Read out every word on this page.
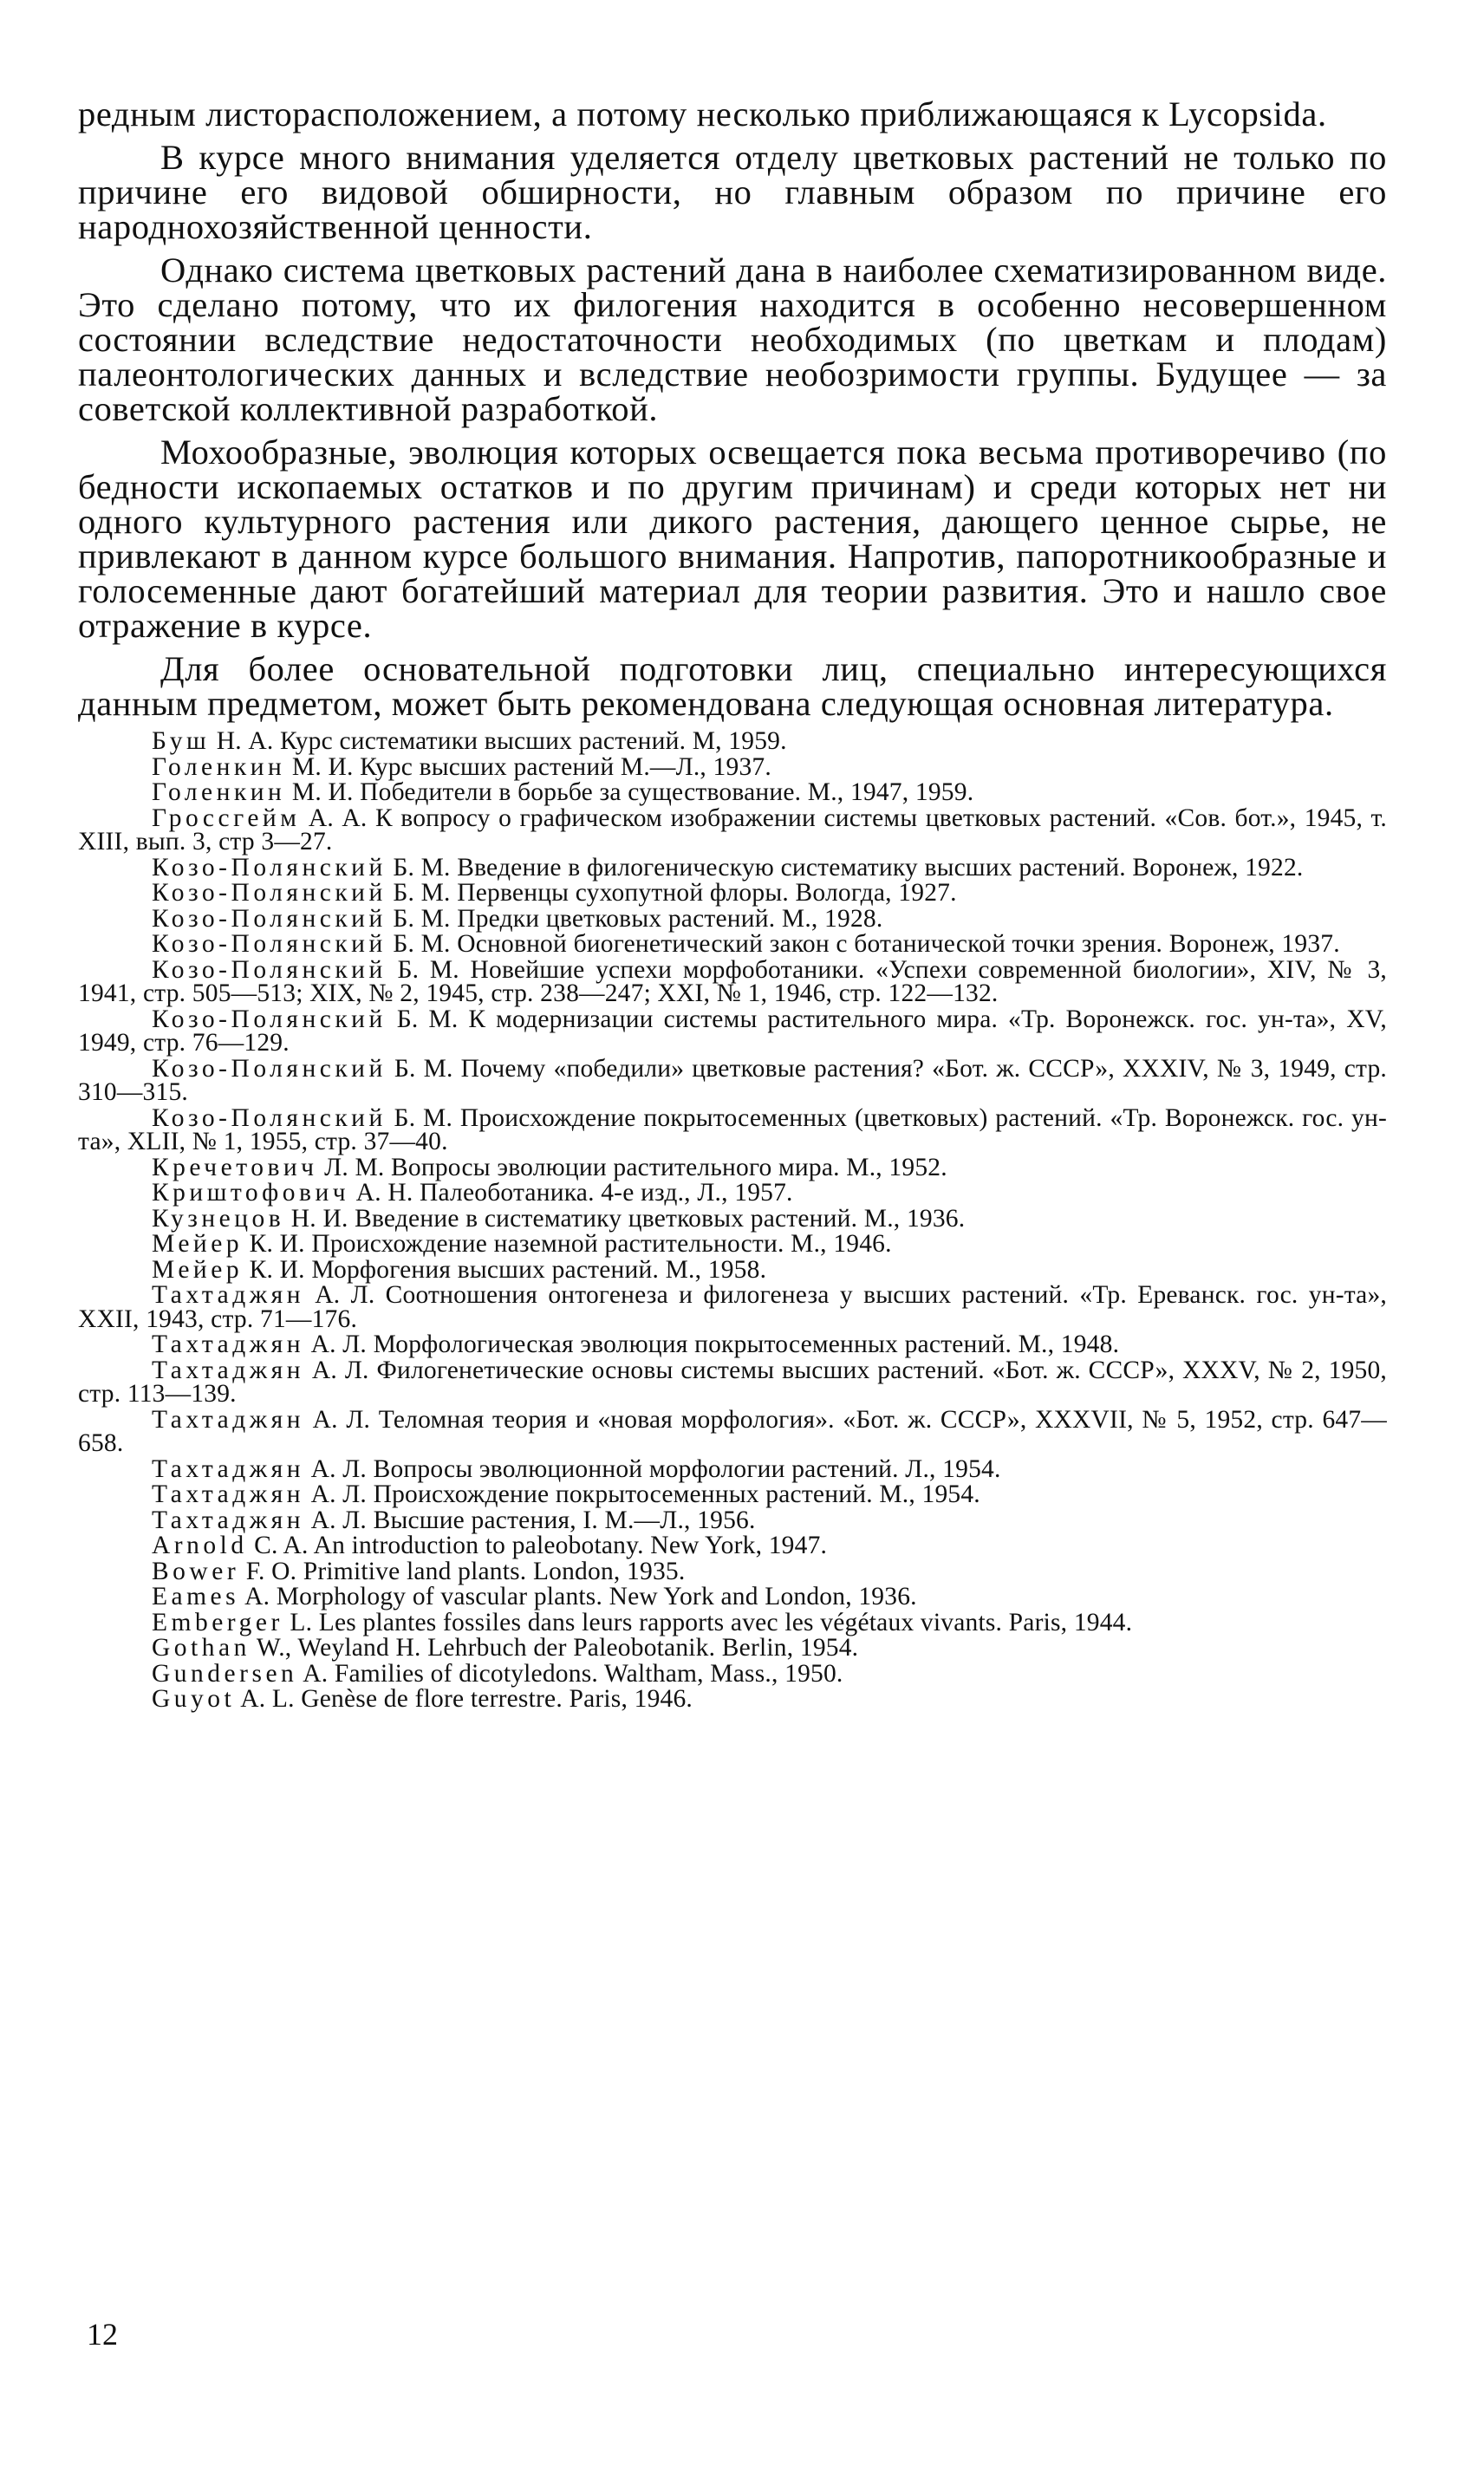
редным листорасположением, а потому несколько приближающаяся к Lycopsida.

В курсе много внимания уделяется отделу цветковых растений не только по причине его видовой обширности, но главным образом по причине его народнохозяйственной ценности.

Однако система цветковых растений дана в наиболее схематизированном виде. Это сделано потому, что их филогения находится в особенно несовершенном состоянии вследствие недостаточности необходимых (по цветкам и плодам) палеонтологических данных и вследствие необозримости группы. Будущее — за советской коллективной разработкой.

Мохообразные, эволюция которых освещается пока весьма противоречиво (по бедности ископаемых остатков и по другим причинам) и среди которых нет ни одного культурного растения или дикого растения, дающего ценное сырье, не привлекают в данном курсе большого внимания. Напротив, папоротникообразные и голосеменные дают богатейший материал для теории развития. Это и нашло свое отражение в курсе.

Для более основательной подготовки лиц, специально интересующихся данным предметом, может быть рекомендована следующая основная литература.

Буш Н. А. Курс систематики высших растений. М, 1959.

Голенкин М. И. Курс высших растений М.—Л., 1937.

Голенкин М. И. Победители в борьбе за существование. М., 1947, 1959.

Гроссгейм А. А. К вопросу о графическом изображении системы цветковых растений. «Сов. бот.», 1945, т. XIII, вып. 3, стр 3—27.

Козо-Полянский Б. М. Введение в филогеническую систематику высших растений. Воронеж, 1922.

Козо-Полянский Б. М. Первенцы сухопутной флоры. Вологда, 1927.

Козо-Полянский Б. М. Предки цветковых растений. М., 1928.

Козо-Полянский Б. М. Основной биогенетический закон с ботанической точки зрения. Воронеж, 1937.

Козо-Полянский Б. М. Новейшие успехи морфоботаники. «Успехи современной биологии», XIV, № 3, 1941, стр. 505—513; XIX, № 2, 1945, стр. 238—247; XXI, № 1, 1946, стр. 122—132.

Козо-Полянский Б. М. К модернизации системы растительного мира. «Тр. Воронежск. гос. ун-та», XV, 1949, стр. 76—129.

Козо-Полянский Б. М. Почему «победили» цветковые растения? «Бот. ж. СССР», XXXIV, № 3, 1949, стр. 310—315.

Козо-Полянский Б. М. Происхождение покрытосеменных (цветковых) растений. «Тр. Воронежск. гос. ун-та», XLII, № 1, 1955, стр. 37—40.

Кречетович Л. М. Вопросы эволюции растительного мира. М., 1952.

Криштофович А. Н. Палеоботаника. 4-е изд., Л., 1957.

Кузнецов Н. И. Введение в систематику цветковых растений. М., 1936.

Мейер К. И. Происхождение наземной растительности. М., 1946.

Мейер К. И. Морфогения высших растений. М., 1958.

Тахтаджян А. Л. Соотношения онтогенеза и филогенеза у высших растений. «Тр. Ереванск. гос. ун-та», XXII, 1943, стр. 71—176.

Тахтаджян А. Л. Морфологическая эволюция покрытосеменных растений. М., 1948.

Тахтаджян А. Л. Филогенетические основы системы высших растений. «Бот. ж. СССР», XXXV, № 2, 1950, стр. 113—139.

Тахтаджян А. Л. Теломная теория и «новая морфология». «Бот. ж. СССР», XXXVII, № 5, 1952, стр. 647—658.

Тахтаджян А. Л. Вопросы эволюционной морфологии растений. Л., 1954.

Тахтаджян А. Л. Происхождение покрытосеменных растений. М., 1954.

Тахтаджян А. Л. Высшие растения, I. М.—Л., 1956.

Arnold C. A. An introduction to paleobotany. New York, 1947.

Bower F. O. Primitive land plants. London, 1935.

Eames A. Morphology of vascular plants. New York and London, 1936.

Emberger L. Les plantes fossiles dans leurs rapports avec les végétaux vivants. Paris, 1944.

Gothan W., Weyland H. Lehrbuch der Paleobotanik. Berlin, 1954.

Gundersen A. Families of dicotyledons. Waltham, Mass., 1950.

Guyot A. L. Genèse de flore terrestre. Paris, 1946.

12
